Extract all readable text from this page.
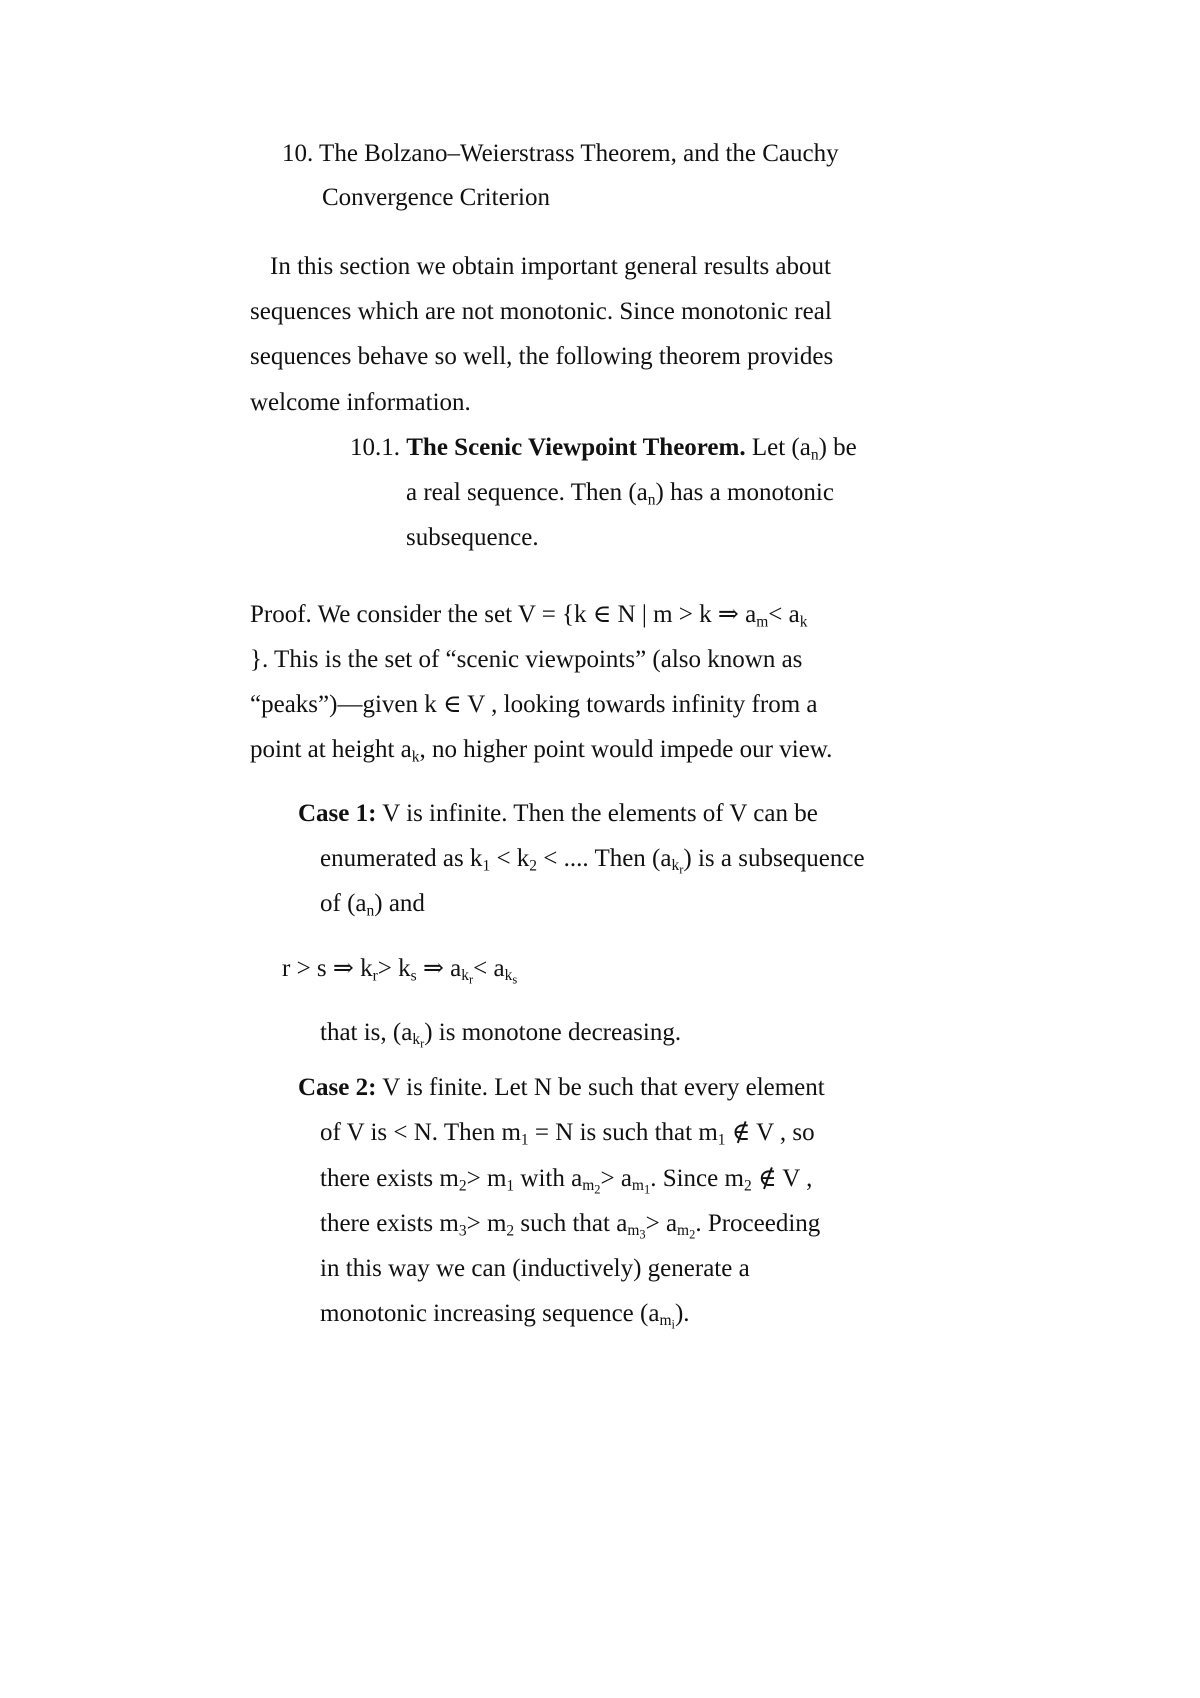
10. The Bolzano–Weierstrass Theorem, and the Cauchy
Convergence Criterion
In this section we obtain important general results about
sequences which are not monotonic. Since monotonic real
sequences behave so well, the following theorem provides
welcome information.
10.1. The Scenic Viewpoint Theorem. Let $(a_n)$ be
a real sequence. Then $(a_n)$ has a monotonic
subsequence.
Proof. We consider the set V = {k ∈ N | m > k ⇒ $a_m< a_k$
}. This is the set of “scenic viewpoints” (also known as
“peaks”)—given k ∈ V , looking towards infinity from a
point at height $a_k$, no higher point would impede our view.
Case 1: V is infinite. Then the elements of V can be
enumerated as $k_1 < k_2$ < .... Then $(a_{k_r})$ is a subsequence
of $(a_n)$ and
r > s ⇒ $k_r> k_s$ ⇒ $a_{k_r}< a_{k_s}$
that is, $(a_{k_r})$ is monotone decreasing.
Case 2: V is finite. Let N be such that every element
of V is < N. Then $m_1 = N$ is such that $m_1$ ∉ V , so
there exists $m_2> m_1$ with $a_{m_2}> a_{m_1}$. Since $m_2$ ∉ V ,
there exists $m_3> m_2$ such that $a_{m_3}> a_{m_2}$. Proceeding
in this way we can (inductively) generate a
monotonic increasing sequence $(a_{m_i})$.
